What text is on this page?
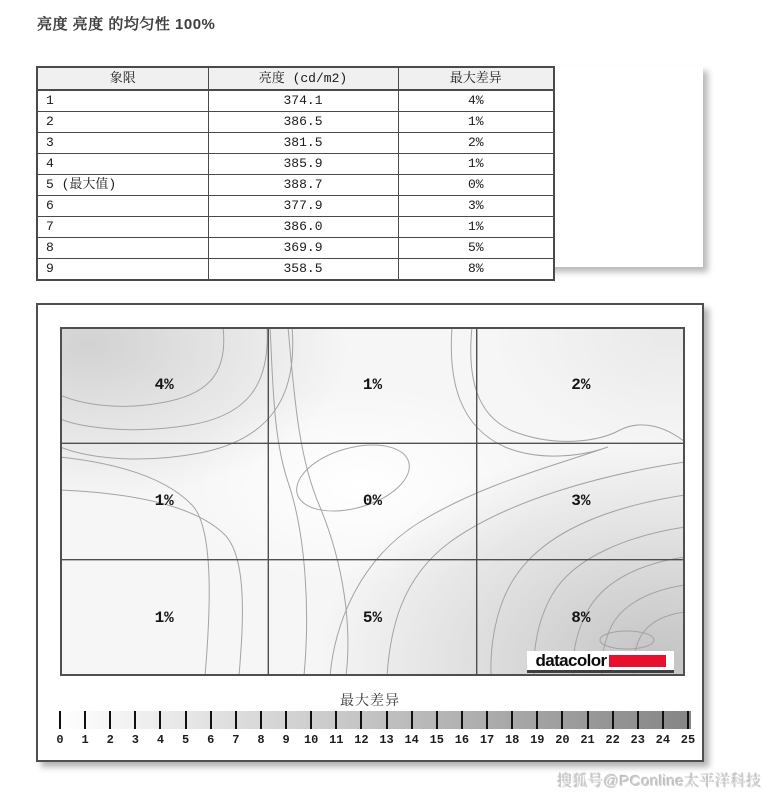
亮度 亮度 的均匀性 100%
象限	亮度 (cd/m2)	最大差异
1	374.1	4%
2	386.5	1%
3	381.5	2%
4	385.9	1%
5 (最大值)	388.7	0%
6	377.9	3%
7	386.0	1%
8	369.9	5%
9	358.5	8%
4%	1%	2%
1%	0%	3%
1%	5%	8%
datacolor
最大差异
0 1 2 3 4 5 6 7 8 9 10 11 12 13 14 15 16 17 18 19 20 21 22 23 24 25
搜狐号@PConline太平洋科技
